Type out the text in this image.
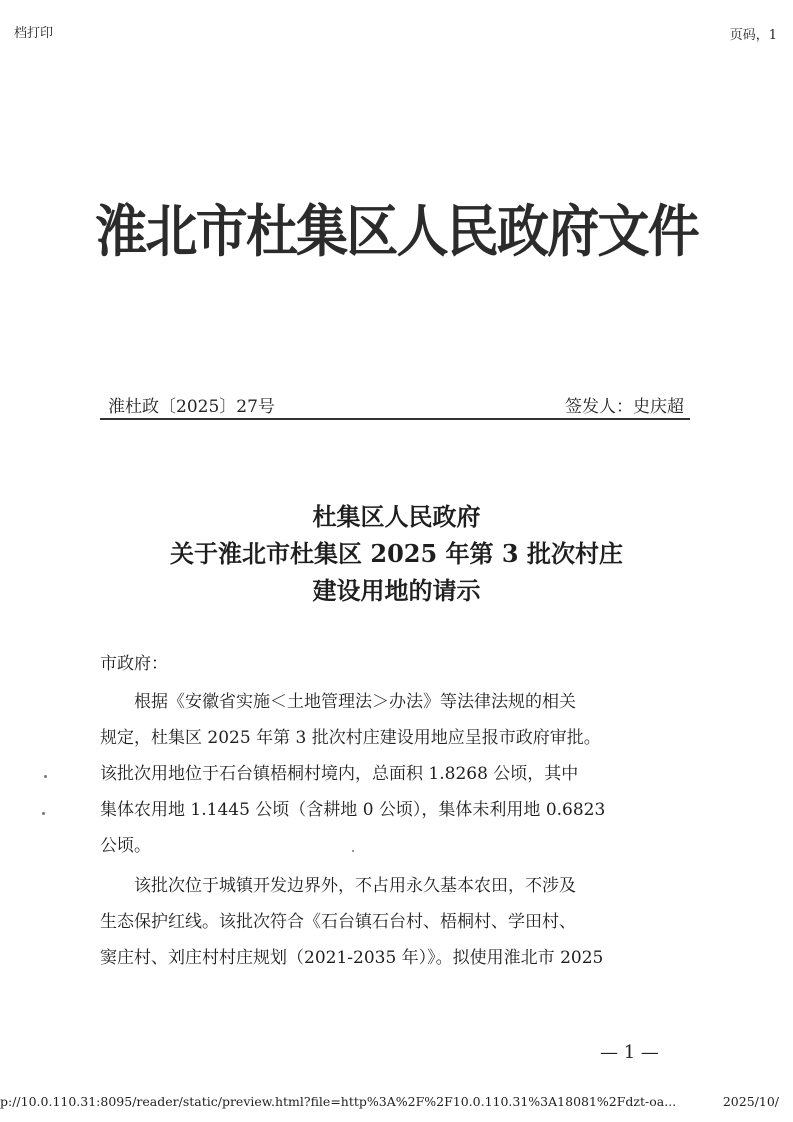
档打印	页码，1
淮北市杜集区人民政府文件
淮杜政〔2025〕27号	签发人：史庆超
杜集区人民政府
关于淮北市杜集区 2025 年第 3 批次村庄
建设用地的请示
市政府：
根据《安徽省实施＜土地管理法＞办法》等法律法规的相关
规定，杜集区 2025 年第 3 批次村庄建设用地应呈报市政府审批。
该批次用地位于石台镇梧桐村境内，总面积 1.8268 公顷，其中
集体农用地 1.1445 公顷（含耕地 0 公顷），集体未利用地 0.6823
公顷。
该批次位于城镇开发边界外，不占用永久基本农田，不涉及
生态保护红线。该批次符合《石台镇石台村、梧桐村、学田村、
窦庄村、刘庄村村庄规划（2021-2035 年）》。拟使用淮北市 2025
— 1 —
p://10.0.110.31:8095/reader/static/preview.html?file=http%3A%2F%2F10.0.110.31%3A18081%2Fdzt-oa...	2025/10/
